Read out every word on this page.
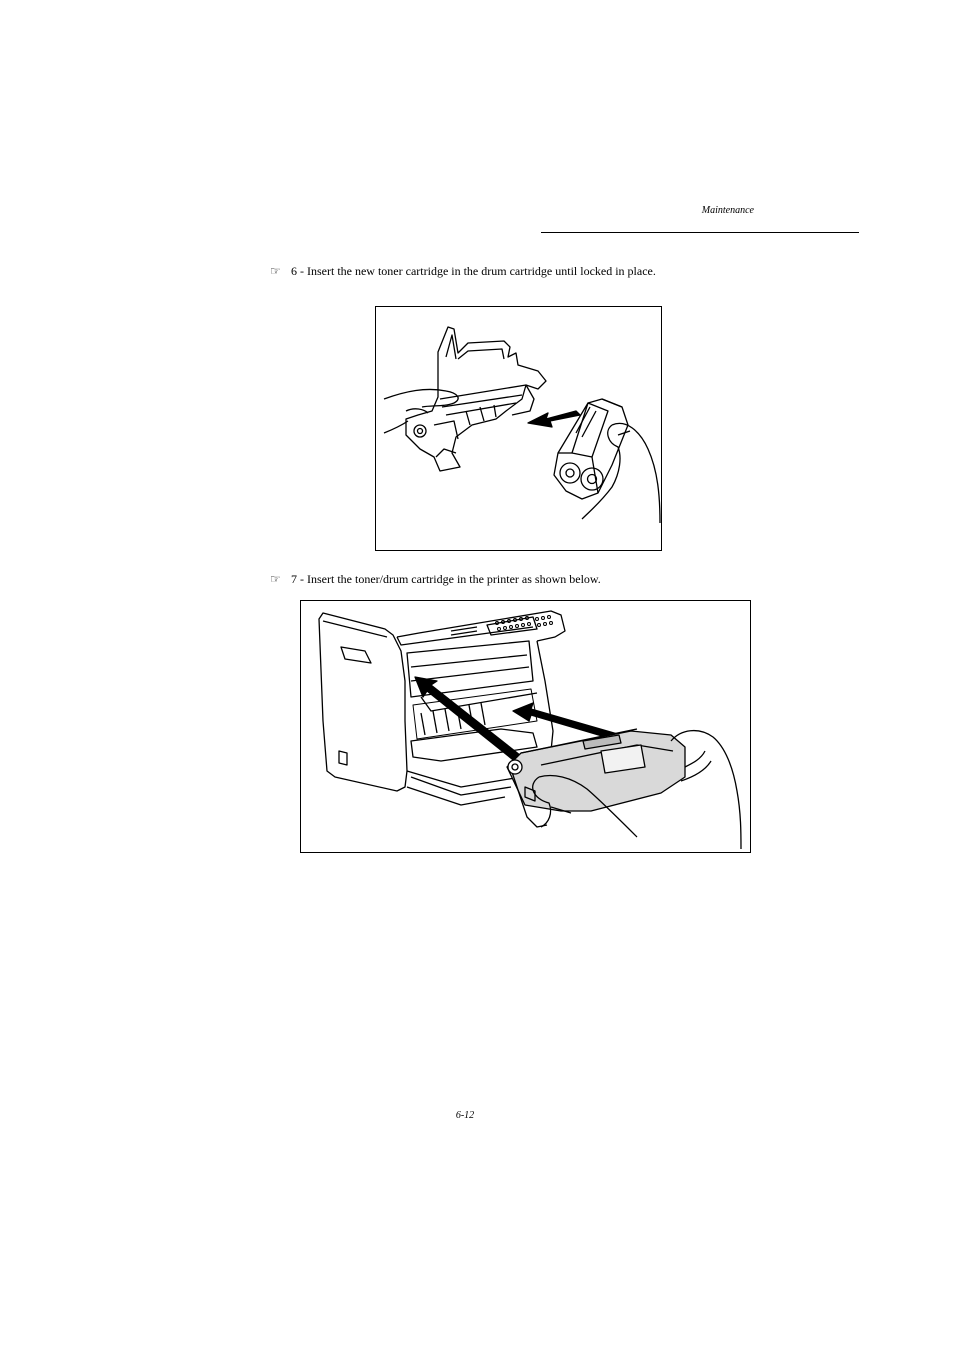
Maintenance
☞ 6 - Insert the new toner cartridge in the drum cartridge until locked in place.
☞ 7 - Insert the toner/drum cartridge in the printer as shown below.
6-12
